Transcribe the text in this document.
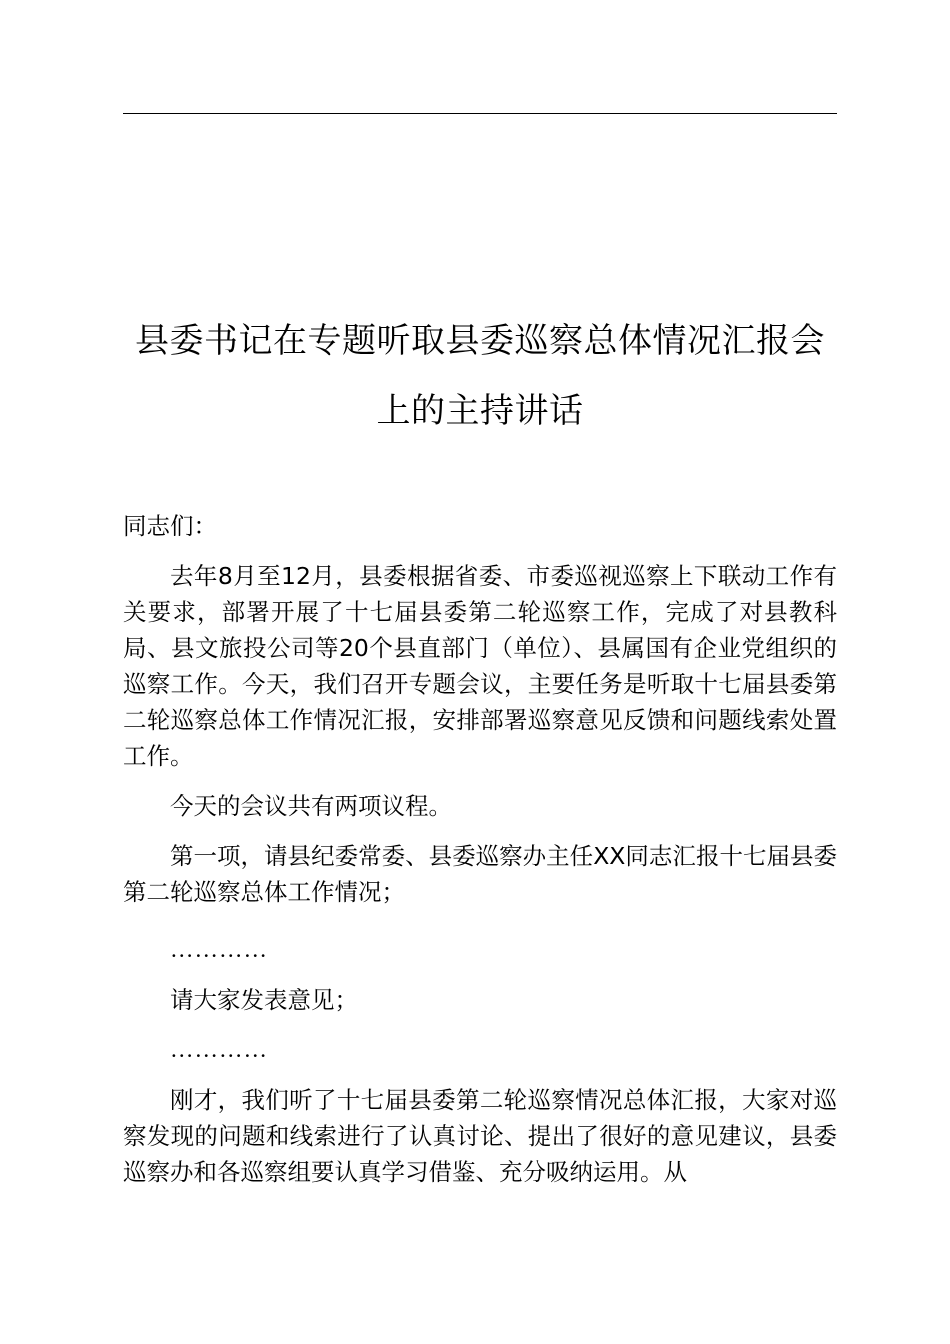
县委书记在专题听取县委巡察总体情况汇报会
上的主持讲话

同志们：

去年8月至12月，县委根据省委、市委巡视巡察上下联动工作有关要求，部署开展了十七届县委第二轮巡察工作，完成了对县教科局、县文旅投公司等20个县直部门（单位）、县属国有企业党组织的巡察工作。今天，我们召开专题会议，主要任务是听取十七届县委第二轮巡察总体工作情况汇报，安排部署巡察意见反馈和问题线索处置工作。

今天的会议共有两项议程。

第一项，请县纪委常委、县委巡察办主任XX同志汇报十七届县委第二轮巡察总体工作情况；

…………

请大家发表意见；

…………

刚才，我们听了十七届县委第二轮巡察情况总体汇报，大家对巡察发现的问题和线索进行了认真讨论、提出了很好的意见建议，县委巡察办和各巡察组要认真学习借鉴、充分吸纳运用。从
